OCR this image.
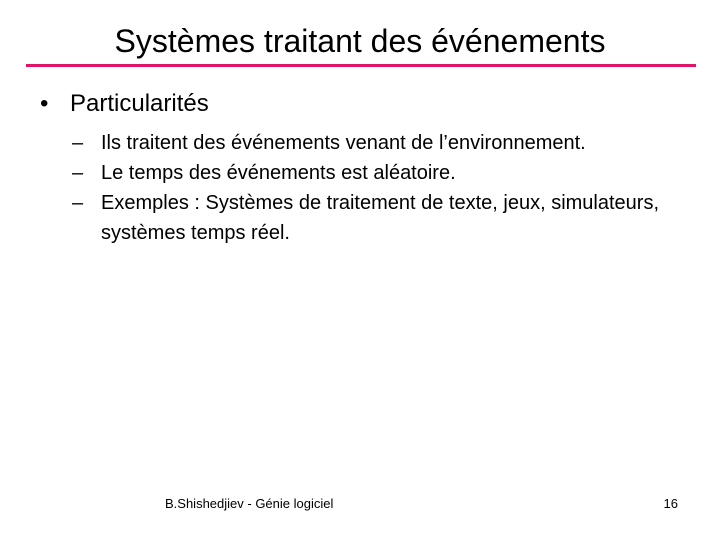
Systèmes traitant des événements
• Particularités
– Ils traitent des événements venant de l’environnement.
– Le temps des événements est aléatoire.
– Exemples : Systèmes de traitement de texte, jeux, simulateurs, systèmes temps réel.
B.Shishedjiev - Génie logiciel	16
